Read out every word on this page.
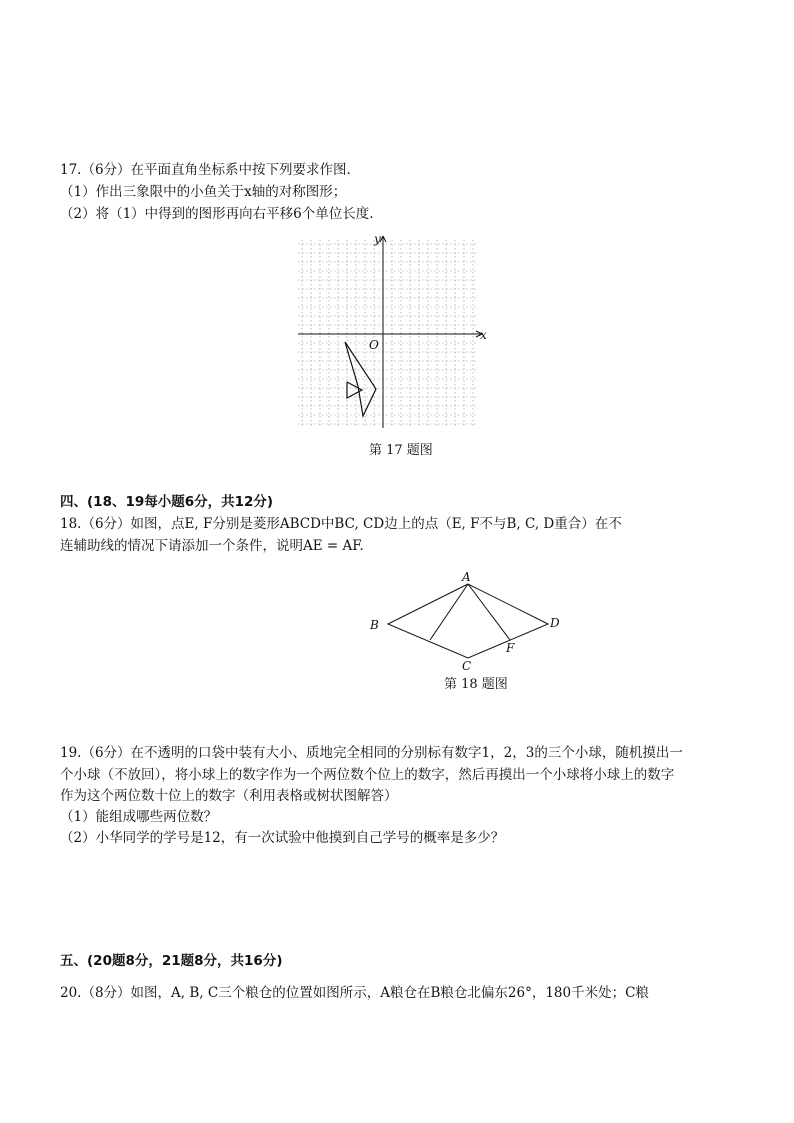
17.（6分）在平面直角坐标系中按下列要求作图.
（1）作出三象限中的小鱼关于x轴的对称图形；
（2）将（1）中得到的图形再向右平移6个单位长度.
x
y
O
第 17 题图
四、(18、19每小题6分，共12分)
18.（6分）如图，点E, F分别是菱形ABCD中BC, CD边上的点（E, F不与B, C, D重合）在不
连辅助线的情况下请添加一个条件，说明AE = AF.
A
B
C
D
F
第 18 题图
19.（6分）在不透明的口袋中装有大小、质地完全相同的分别标有数字1，2，3的三个小球，随机摸出一
个小球（不放回），将小球上的数字作为一个两位数个位上的数字，然后再摸出一个小球将小球上的数字
作为这个两位数十位上的数字（利用表格或树状图解答）
（1）能组成哪些两位数？
（2）小华同学的学号是12，有一次试验中他摸到自己学号的概率是多少？
五、(20题8分，21题8分，共16分)
20.（8分）如图，A, B, C三个粮仓的位置如图所示，A粮仓在B粮仓北偏东26°，180千米处；C粮
